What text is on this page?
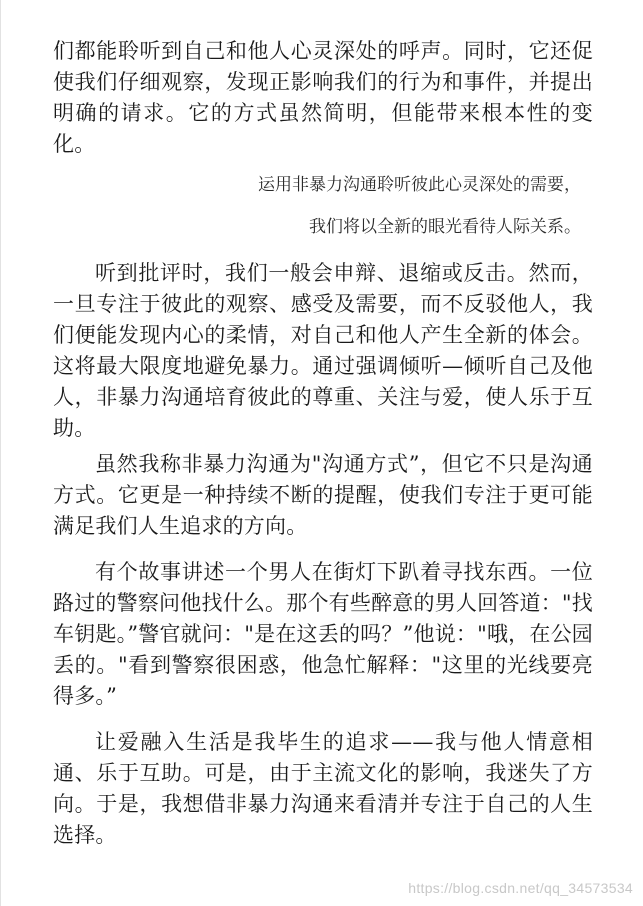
们都能聆听到自己和他人心灵深处的呼声。同时，它还促使我们仔细观察，发现正影响我们的行为和事件，并提出明确的请求。它的方式虽然简明，但能带来根本性的变化。

运用非暴力沟通聆听彼此心灵深处的需要，

我们将以全新的眼光看待人际关系。

听到批评时，我们一般会申辩、退缩或反击。然而，一旦专注于彼此的观察、感受及需要，而不反驳他人，我们便能发现内心的柔情，对自己和他人产生全新的体会。这将最大限度地避免暴力。通过强调倾听—倾听自己及他人，非暴力沟通培育彼此的尊重、关注与爱，使人乐于互助。

虽然我称非暴力沟通为"沟通方式”，但它不只是沟通方式。它更是一种持续不断的提醒，使我们专注于更可能满足我们人生追求的方向。

有个故事讲述一个男人在街灯下趴着寻找东西。一位路过的警察问他找什么。那个有些醉意的男人回答道："找车钥匙。”警官就问："是在这丢的吗？”他说："哦，在公园丢的。"看到警察很困惑，他急忙解释："这里的光线要亮得多。”

让爱融入生活是我毕生的追求——我与他人情意相通、乐于互助。可是，由于主流文化的影响，我迷失了方向。于是，我想借非暴力沟通来看清并专注于自己的人生选择。

https://blog.csdn.net/qq_34573534
